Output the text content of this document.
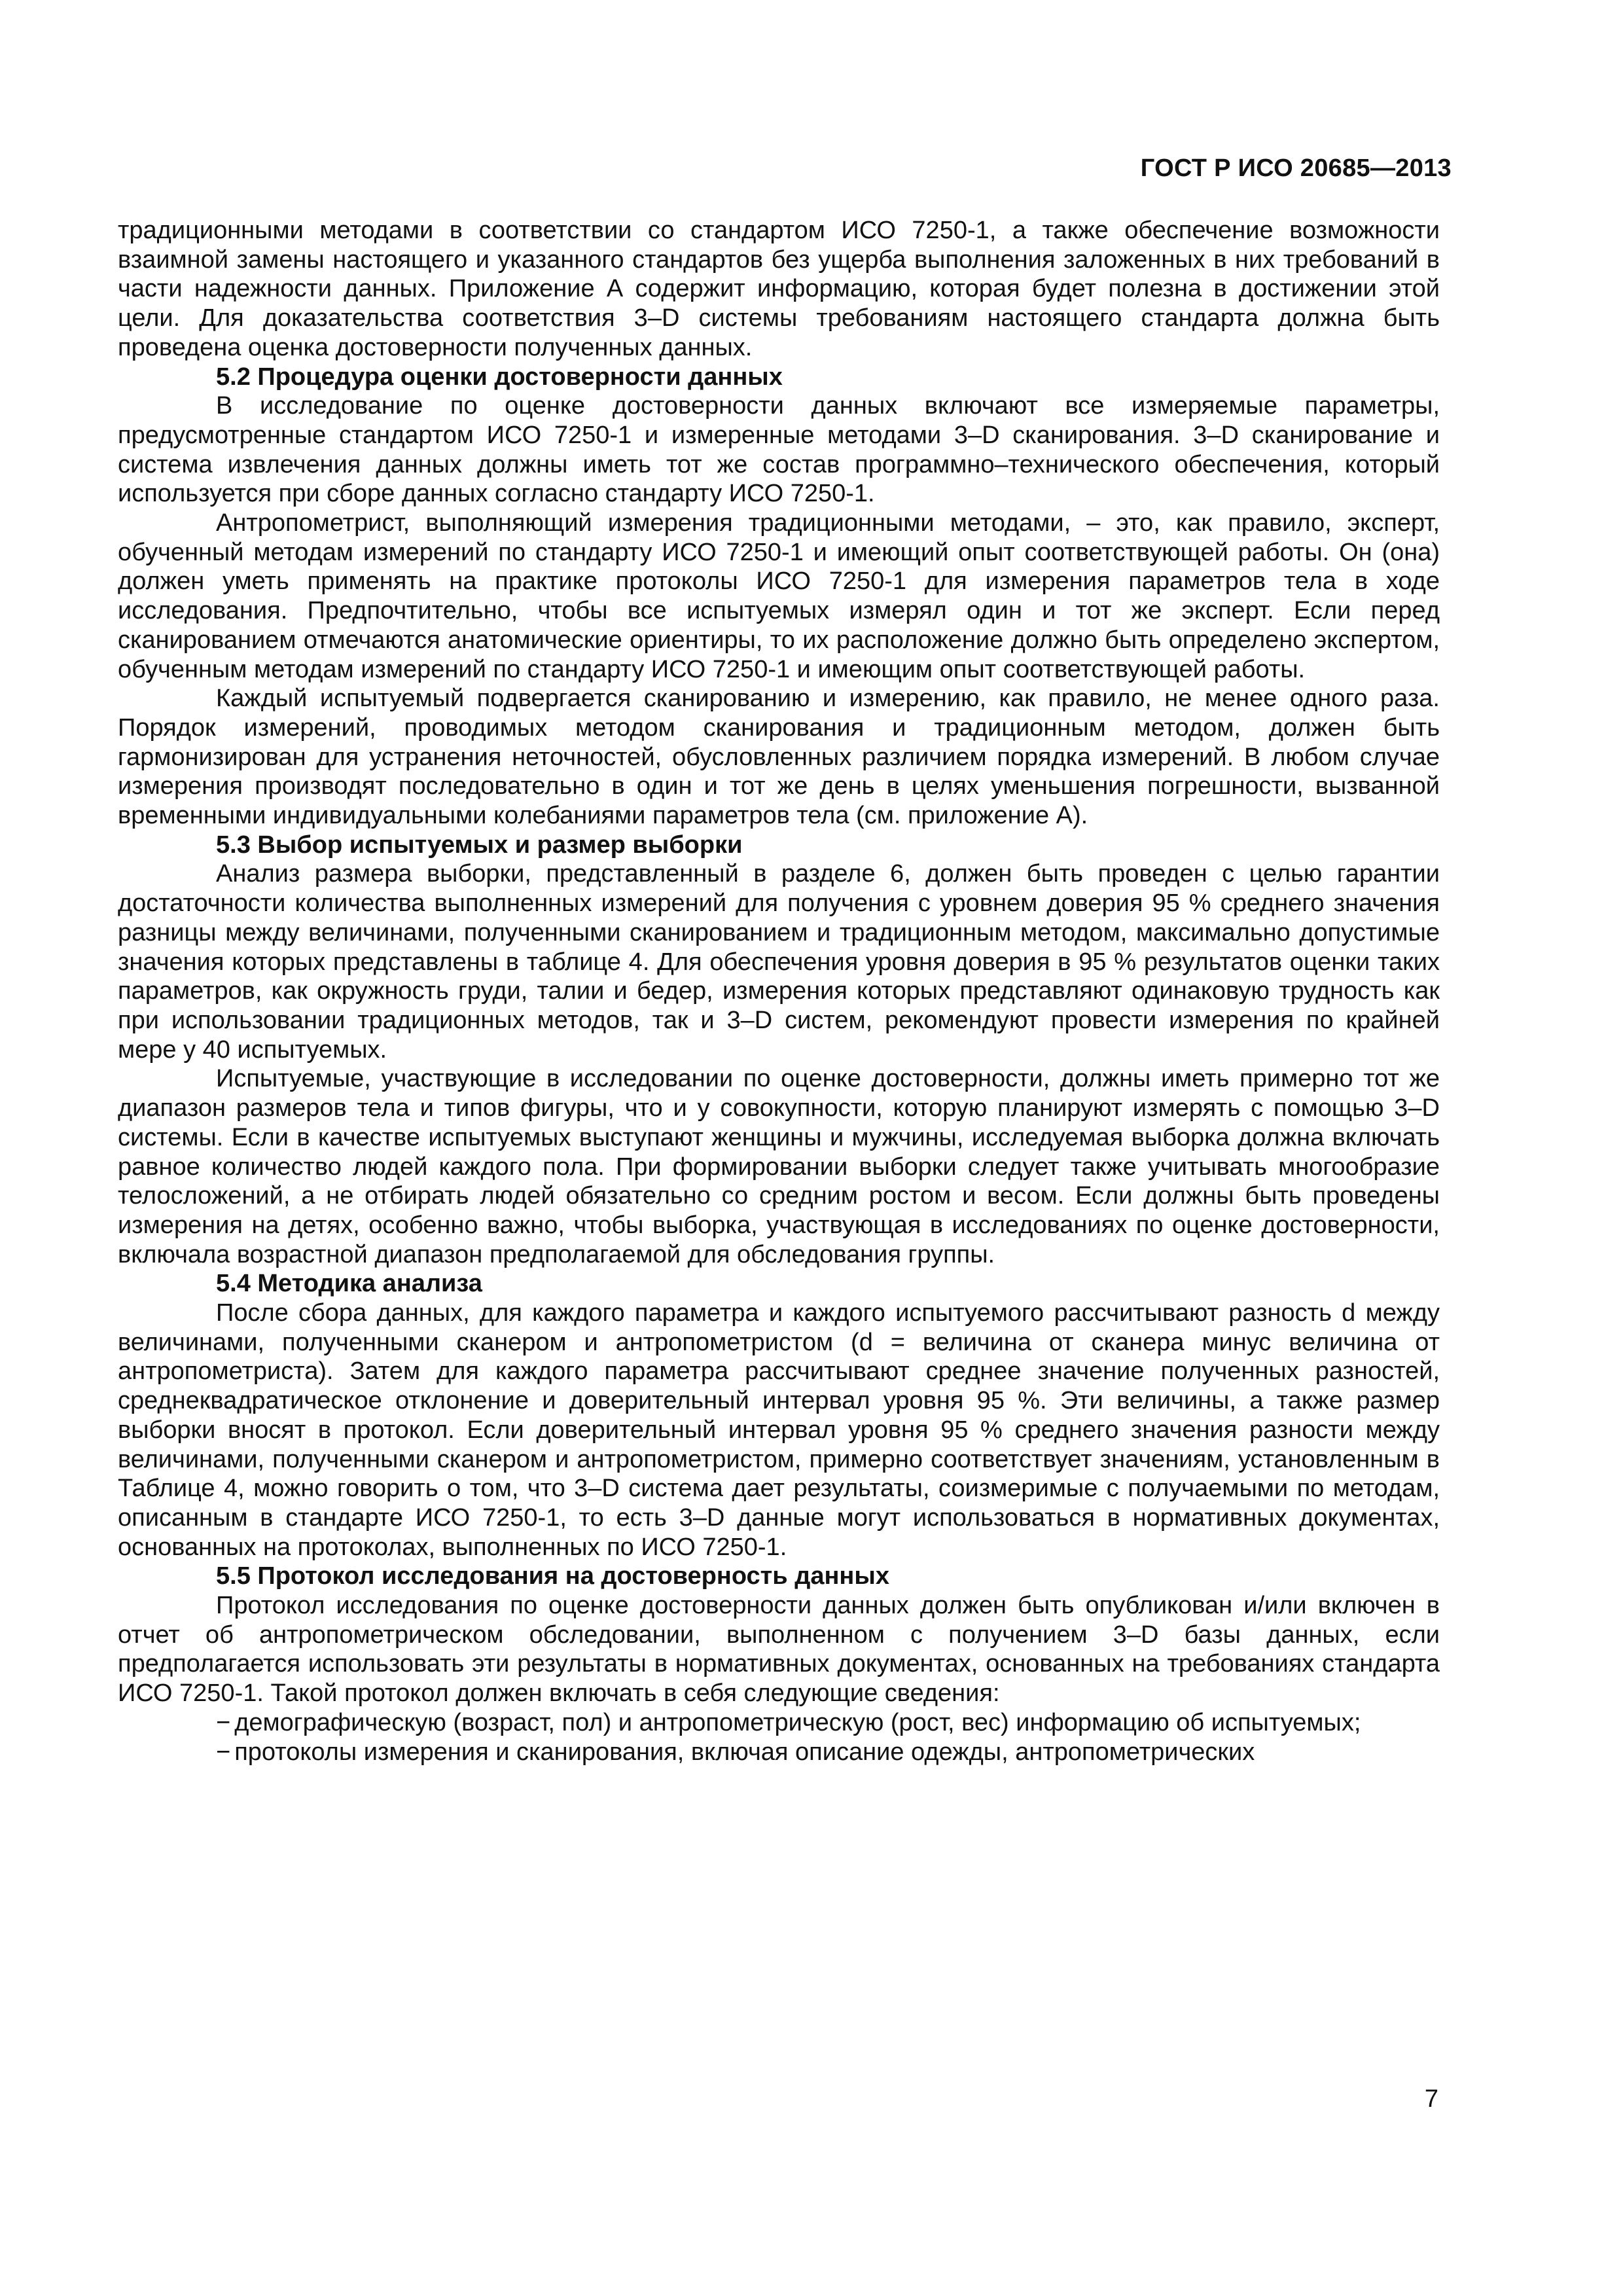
ГОСТ Р ИСО 20685—2013

традиционными методами в соответствии со стандартом ИСО 7250-1, а также обеспечение возможности взаимной замены настоящего и указанного стандартов без ущерба выполнения заложенных в них требований в части надежности данных. Приложение А содержит информацию, которая будет полезна в достижении этой цели. Для доказательства соответствия 3–D системы требованиям настоящего стандарта должна быть проведена оценка достоверности полученных данных.

5.2 Процедура оценки достоверности данных

В исследование по оценке достоверности данных включают все измеряемые параметры, предусмотренные стандартом ИСО 7250-1 и измеренные методами 3–D сканирования. 3–D сканирование и система извлечения данных должны иметь тот же состав программно–технического обеспечения, который используется при сборе данных согласно стандарту ИСО 7250-1.

Антропометрист, выполняющий измерения традиционными методами, – это, как правило, эксперт, обученный методам измерений по стандарту ИСО 7250-1 и имеющий опыт соответствующей работы. Он (она) должен уметь применять на практике протоколы ИСО 7250-1 для измерения параметров тела в ходе исследования. Предпочтительно, чтобы все испытуемых измерял один и тот же эксперт. Если перед сканированием отмечаются анатомические ориентиры, то их расположение должно быть определено экспертом, обученным методам измерений по стандарту ИСО 7250-1 и имеющим опыт соответствующей работы.

Каждый испытуемый подвергается сканированию и измерению, как правило, не менее одного раза. Порядок измерений, проводимых методом сканирования и традиционным методом, должен быть гармонизирован для устранения неточностей, обусловленных различием порядка измерений. В любом случае измерения производят последовательно в один и тот же день в целях уменьшения погрешности, вызванной временными индивидуальными колебаниями параметров тела (см. приложение А).

5.3 Выбор испытуемых и размер выборки

Анализ размера выборки, представленный в разделе 6, должен быть проведен с целью гарантии достаточности количества выполненных измерений для получения с уровнем доверия 95 % среднего значения разницы между величинами, полученными сканированием и традиционным методом, максимально допустимые значения которых представлены в таблице 4. Для обеспечения уровня доверия в 95 % результатов оценки таких параметров, как окружность груди, талии и бедер, измерения которых представляют одинаковую трудность как при использовании традиционных методов, так и 3–D систем, рекомендуют провести измерения по крайней мере у 40 испытуемых.

Испытуемые, участвующие в исследовании по оценке достоверности, должны иметь примерно тот же диапазон размеров тела и типов фигуры, что и у совокупности, которую планируют измерять с помощью 3–D системы. Если в качестве испытуемых выступают женщины и мужчины, исследуемая выборка должна включать равное количество людей каждого пола. При формировании выборки следует также учитывать многообразие телосложений, а не отбирать людей обязательно со средним ростом и весом. Если должны быть проведены измерения на детях, особенно важно, чтобы выборка, участвующая в исследованиях по оценке достоверности, включала возрастной диапазон предполагаемой для обследования группы.

5.4 Методика анализа

После сбора данных, для каждого параметра и каждого испытуемого рассчитывают разность d между величинами, полученными сканером и антропометристом (d = величина от сканера минус величина от антропометриста). Затем для каждого параметра рассчитывают среднее значение полученных разностей, среднеквадратическое отклонение и доверительный интервал уровня 95 %. Эти величины, а также размер выборки вносят в протокол. Если доверительный интервал уровня 95 % среднего значения разности между величинами, полученными сканером и антропометристом, примерно соответствует значениям, установленным в Таблице 4, можно говорить о том, что 3–D система дает результаты, соизмеримые с получаемыми по методам, описанным в стандарте ИСО 7250-1, то есть 3–D данные могут использоваться в нормативных документах, основанных на протоколах, выполненных по ИСО 7250-1.

5.5 Протокол исследования на достоверность данных

Протокол исследования по оценке достоверности данных должен быть опубликован и/или включен в отчет об антропометрическом обследовании, выполненном с получением 3–D базы данных, если предполагается использовать эти результаты в нормативных документах, основанных на требованиях стандарта ИСО 7250-1. Такой протокол должен включать в себя следующие сведения:

− демографическую (возраст, пол) и антропометрическую (рост, вес) информацию об испытуемых;
− протоколы измерения и сканирования, включая описание одежды, антропометрических
7
